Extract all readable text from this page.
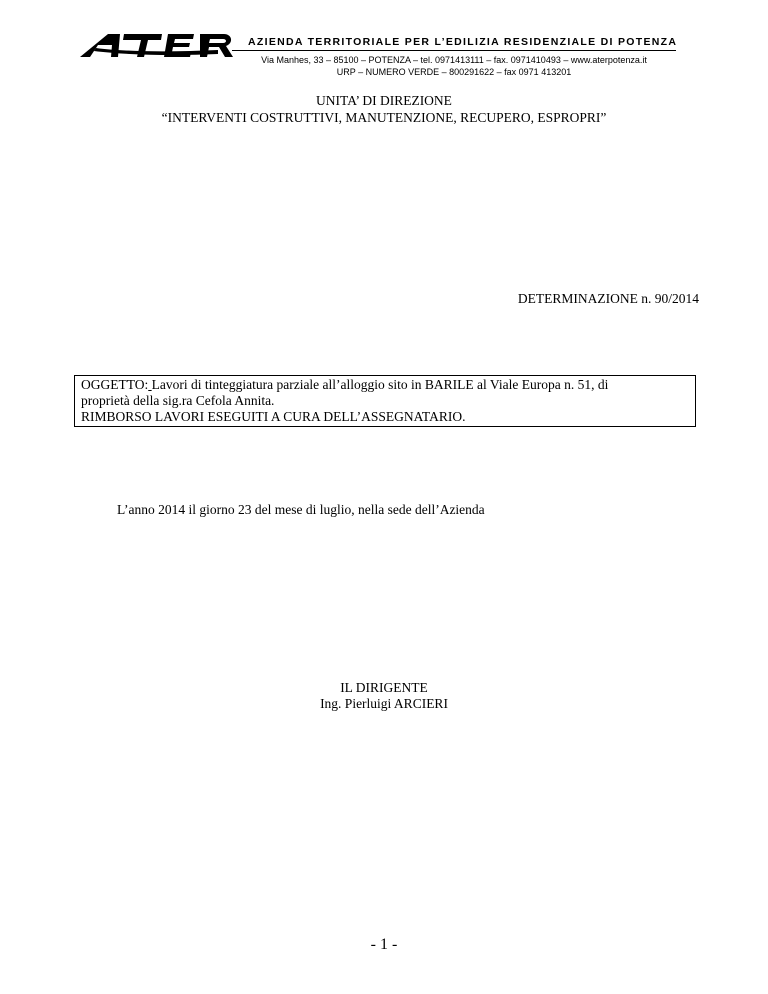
AZIENDA TERRITORIALE PER L’EDILIZIA RESIDENZIALE DI POTENZA
Via Manhes, 33 – 85100 – POTENZA – tel. 0971413111 – fax. 0971410493 – www.aterpotenza.it
URP – NUMERO VERDE – 800291622 – fax 0971 413201
UNITA’ DI DIREZIONE
“INTERVENTI COSTRUTTIVI, MANUTENZIONE, RECUPERO, ESPROPRI”
DETERMINAZIONE n. 90/2014
OGGETTO: Lavori di tinteggiatura parziale all’alloggio sito in BARILE al Viale Europa n. 51, di
proprietà della sig.ra Cefola Annita.
RIMBORSO LAVORI ESEGUITI A CURA DELL’ASSEGNATARIO.
L’anno 2014 il giorno 23 del mese di luglio, nella sede dell’Azienda
IL DIRIGENTE
Ing. Pierluigi ARCIERI
- 1 -
